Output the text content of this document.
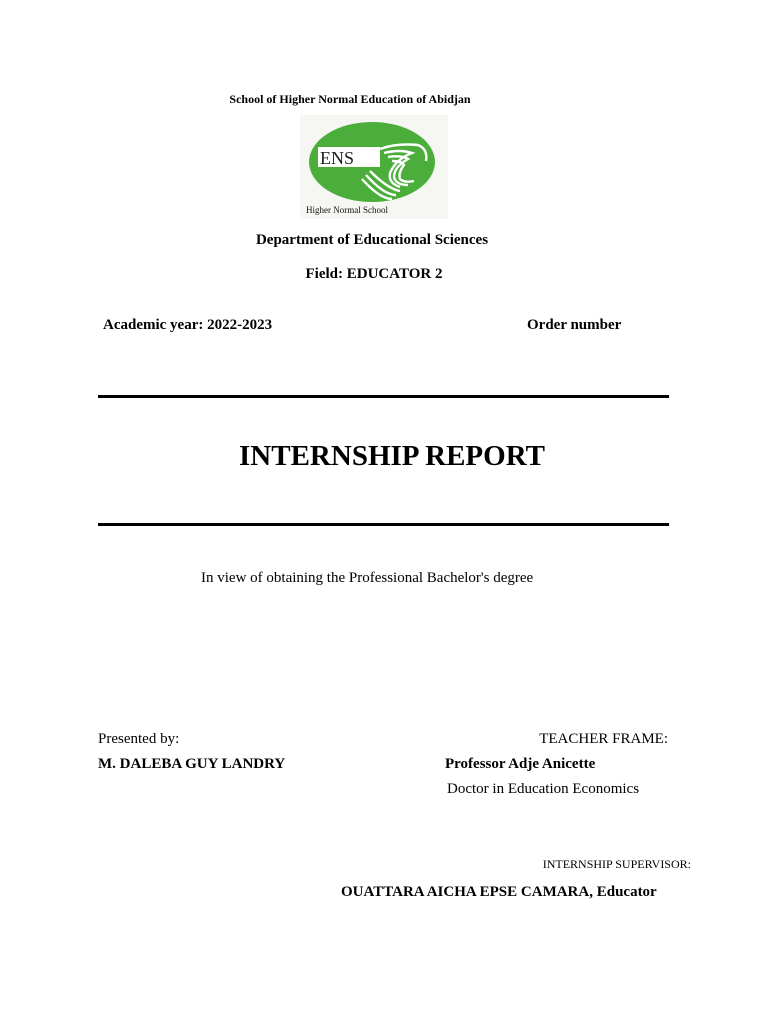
School of Higher Normal Education of Abidjan
ENS
Higher Normal School
Department of Educational Sciences
Field: EDUCATOR 2
Academic year: 2022-2023	Order number
INTERNSHIP REPORT
In view of obtaining the Professional Bachelor's degree
Presented by:
M. DALEBA GUY LANDRY
TEACHER FRAME:
Professor Adje Anicette
Doctor in Education Economics
INTERNSHIP SUPERVISOR:
OUATTARA AICHA EPSE CAMARA, Educator
